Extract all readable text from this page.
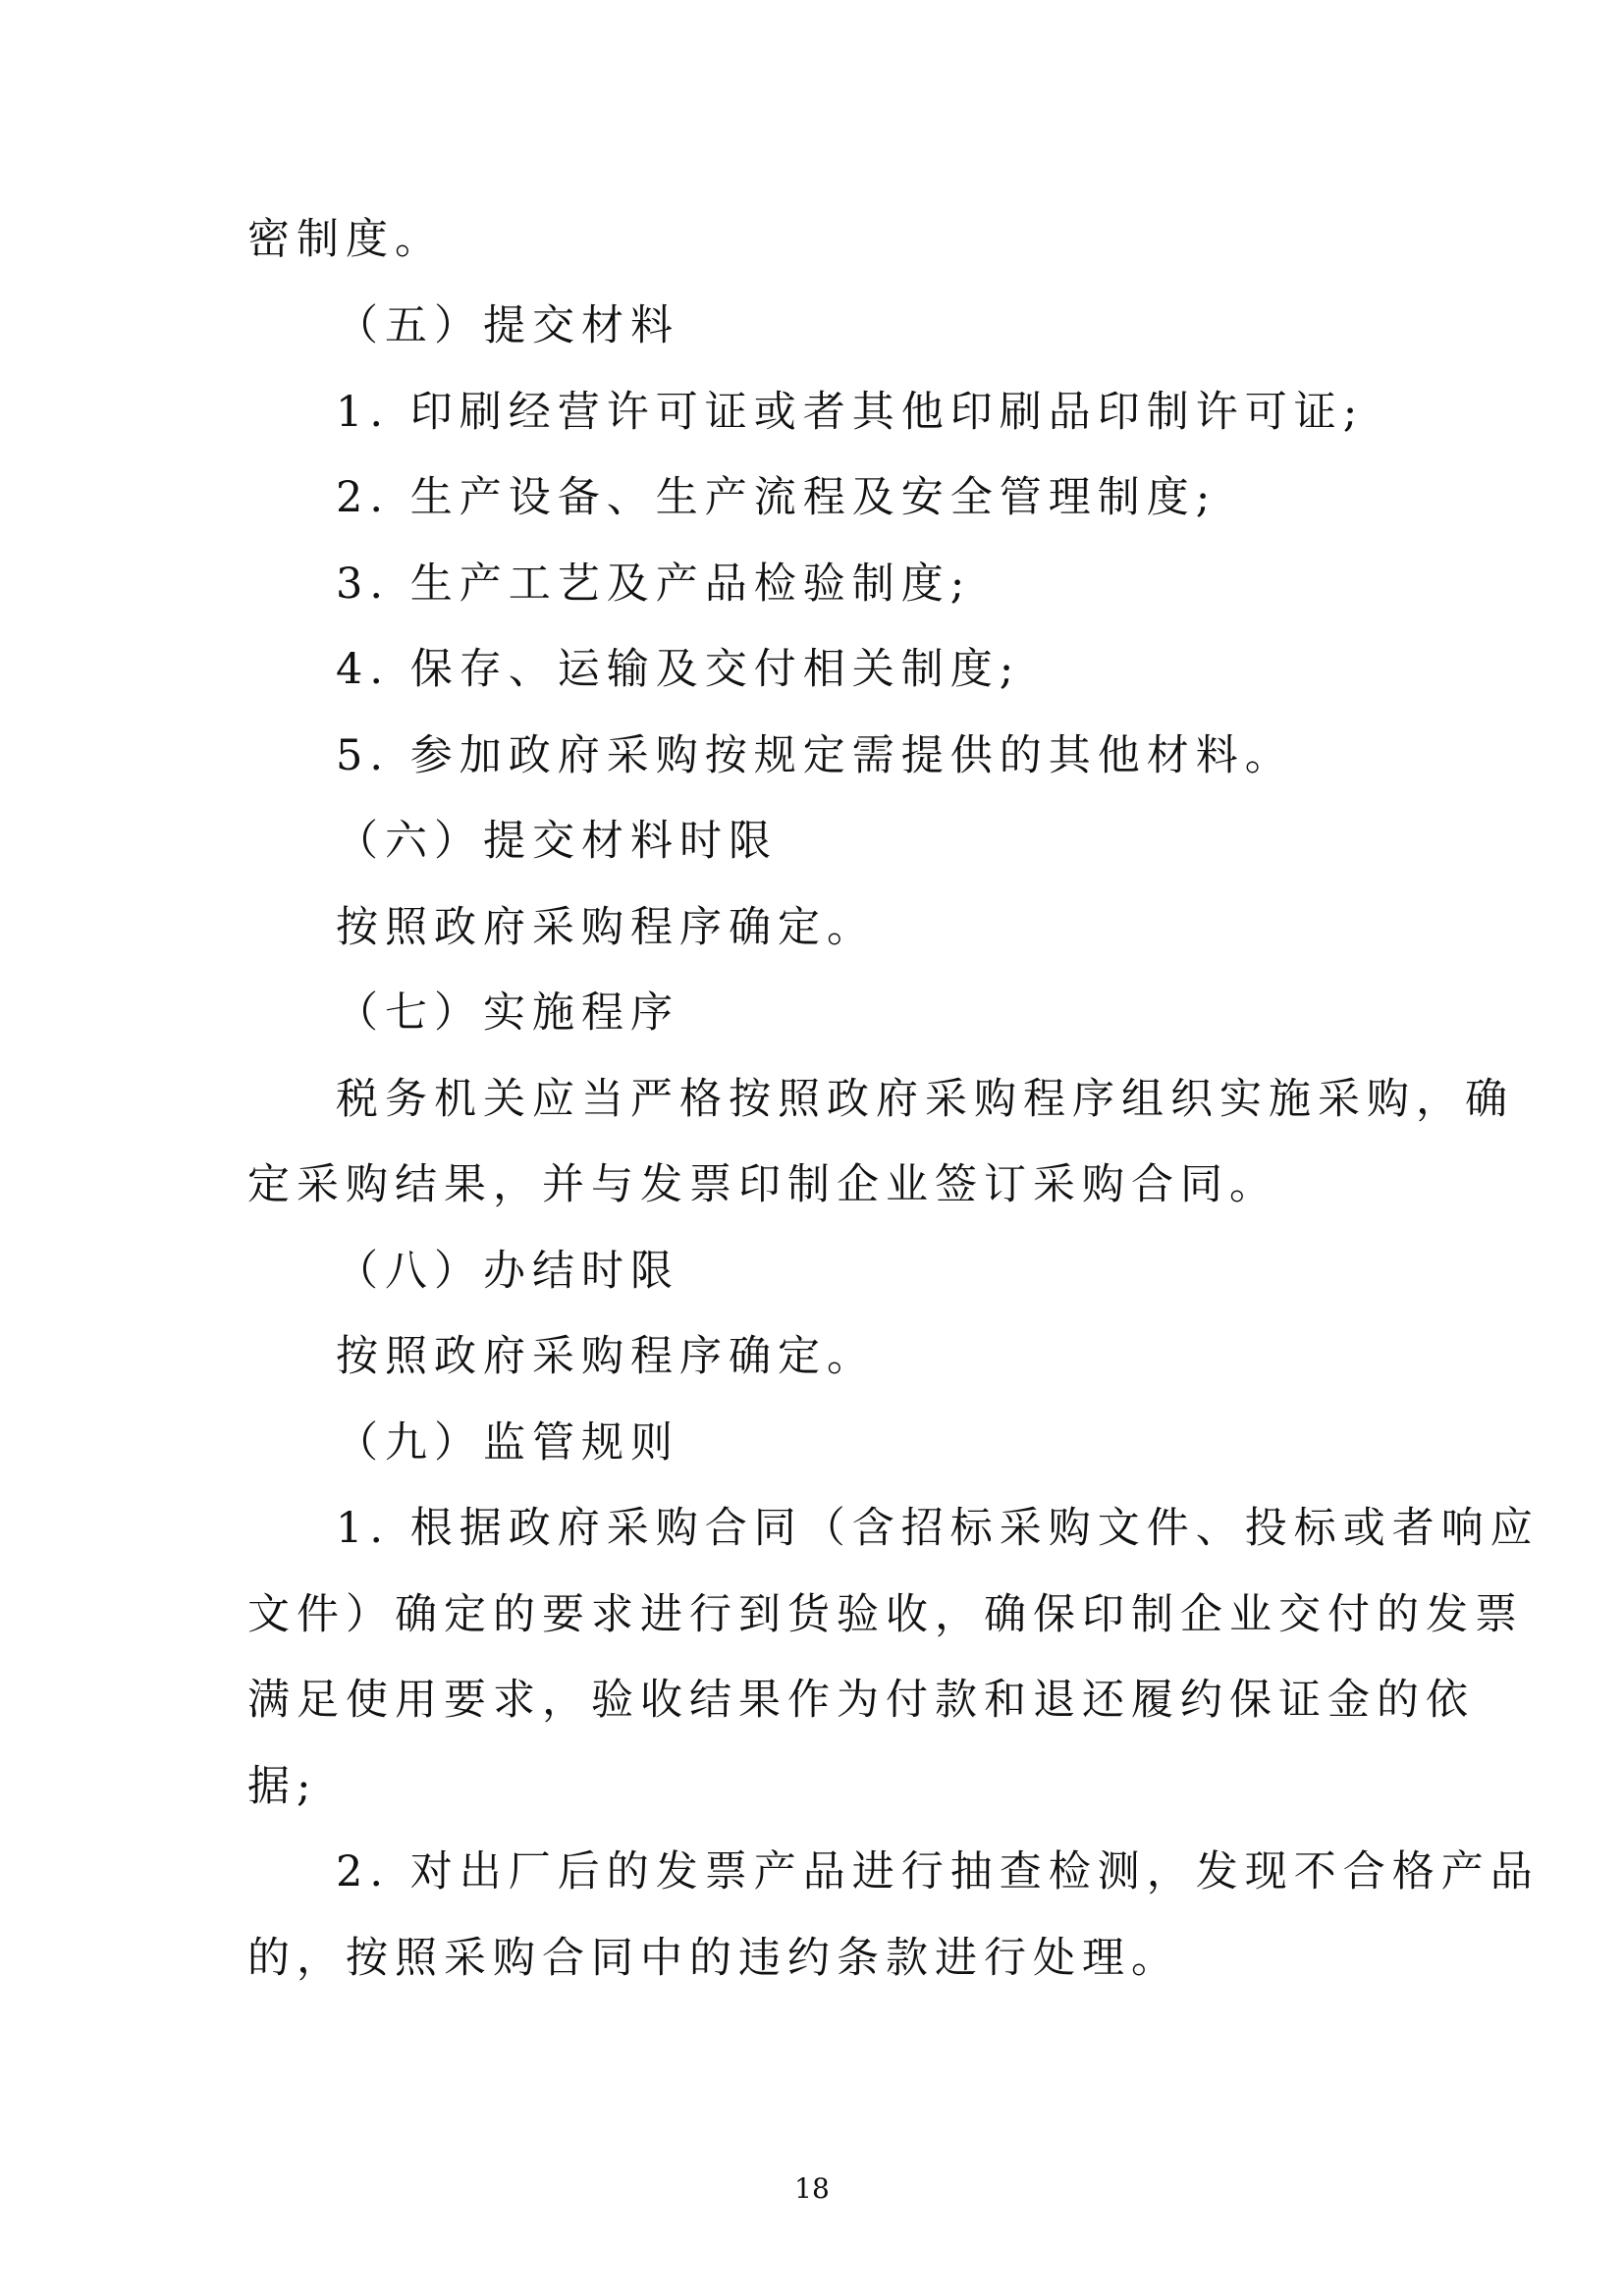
密制度。
（五）提交材料
1. 印刷经营许可证或者其他印刷品印制许可证;
2. 生产设备、生产流程及安全管理制度;
3. 生产工艺及产品检验制度;
4. 保存、运输及交付相关制度;
5. 参加政府采购按规定需提供的其他材料。
（六）提交材料时限
按照政府采购程序确定。
（七）实施程序
税务机关应当严格按照政府采购程序组织实施采购，确
定采购结果，并与发票印制企业签订采购合同。
（八）办结时限
按照政府采购程序确定。
（九）监管规则
1. 根据政府采购合同（含招标采购文件、投标或者响应
文件）确定的要求进行到货验收，确保印制企业交付的发票
满足使用要求，验收结果作为付款和退还履约保证金的依
据;
2. 对出厂后的发票产品进行抽查检测，发现不合格产品
的，按照采购合同中的违约条款进行处理。
18
